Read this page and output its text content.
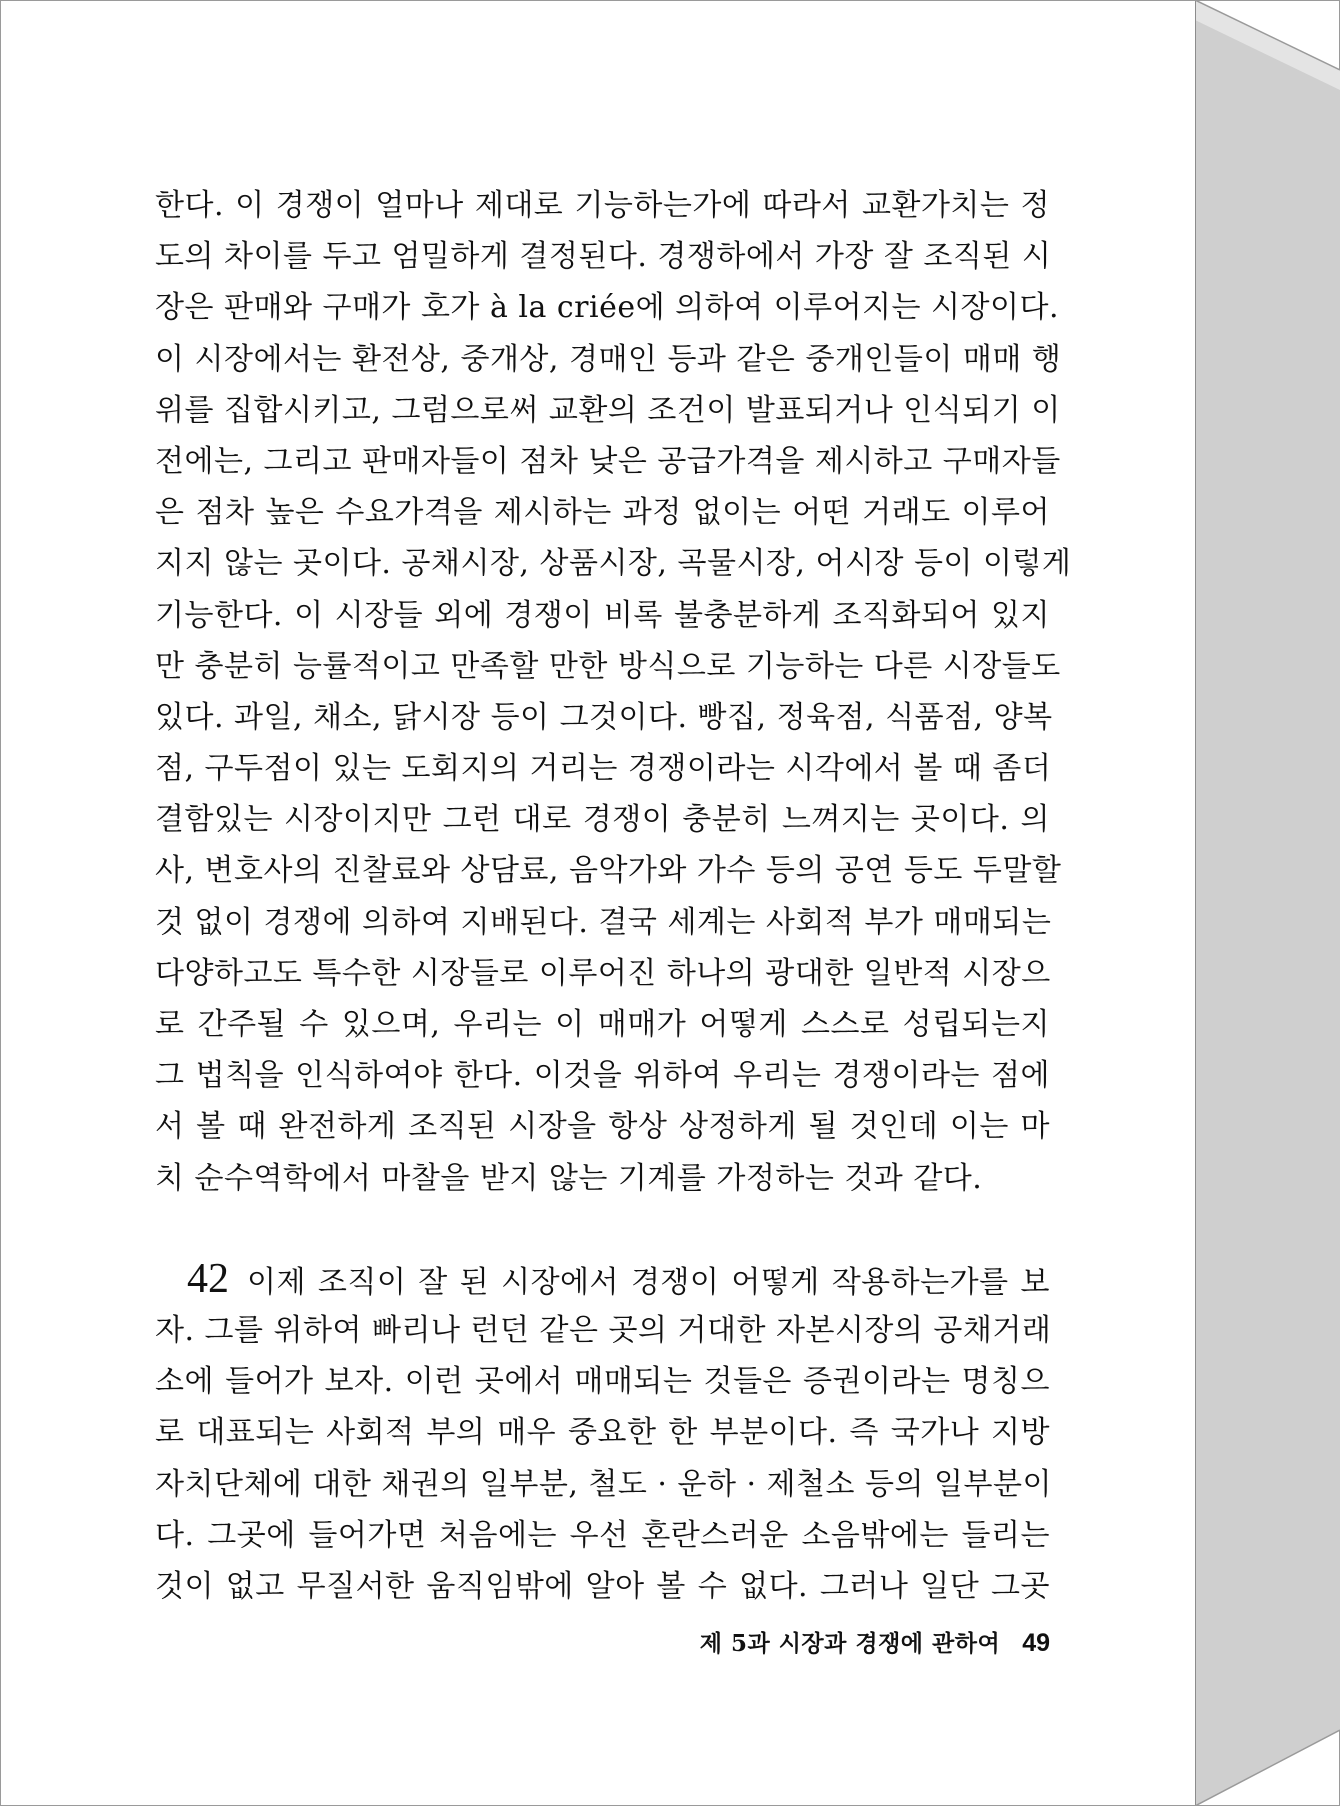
한다. 이 경쟁이 얼마나 제대로 기능하는가에 따라서 교환가치는 정
도의 차이를 두고 엄밀하게 결정된다. 경쟁하에서 가장 잘 조직된 시
장은 판매와 구매가 호가 à la criée에 의하여 이루어지는 시장이다.
이 시장에서는 환전상, 중개상, 경매인 등과 같은 중개인들이 매매 행
위를 집합시키고, 그럼으로써 교환의 조건이 발표되거나 인식되기 이
전에는, 그리고 판매자들이 점차 낮은 공급가격을 제시하고 구매자들
은 점차 높은 수요가격을 제시하는 과정 없이는 어떤 거래도 이루어
지지 않는 곳이다. 공채시장, 상품시장, 곡물시장, 어시장 등이 이렇게
기능한다. 이 시장들 외에 경쟁이 비록 불충분하게 조직화되어 있지
만 충분히 능률적이고 만족할 만한 방식으로 기능하는 다른 시장들도
있다. 과일, 채소, 닭시장 등이 그것이다. 빵집, 정육점, 식품점, 양복
점, 구두점이 있는 도회지의 거리는 경쟁이라는 시각에서 볼 때 좀더
결함있는 시장이지만 그런 대로 경쟁이 충분히 느껴지는 곳이다. 의
사, 변호사의 진찰료와 상담료, 음악가와 가수 등의 공연 등도 두말할
것 없이 경쟁에 의하여 지배된다. 결국 세계는 사회적 부가 매매되는
다양하고도 특수한 시장들로 이루어진 하나의 광대한 일반적 시장으
로 간주될 수 있으며, 우리는 이 매매가 어떻게 스스로 성립되는지
그 법칙을 인식하여야 한다. 이것을 위하여 우리는 경쟁이라는 점에
서 볼 때 완전하게 조직된 시장을 항상 상정하게 될 것인데 이는 마
치 순수역학에서 마찰을 받지 않는 기계를 가정하는 것과 같다.
42 이제 조직이 잘 된 시장에서 경쟁이 어떻게 작용하는가를 보
자. 그를 위하여 빠리나 런던 같은 곳의 거대한 자본시장의 공채거래
소에 들어가 보자. 이런 곳에서 매매되는 것들은 증권이라는 명칭으
로 대표되는 사회적 부의 매우 중요한 한 부분이다. 즉 국가나 지방
자치단체에 대한 채권의 일부분, 철도 · 운하 · 제철소 등의 일부분이
다. 그곳에 들어가면 처음에는 우선 혼란스러운 소음밖에는 들리는
것이 없고 무질서한 움직임밖에 알아 볼 수 없다. 그러나 일단 그곳
제 5과 시장과 경쟁에 관하여 49
